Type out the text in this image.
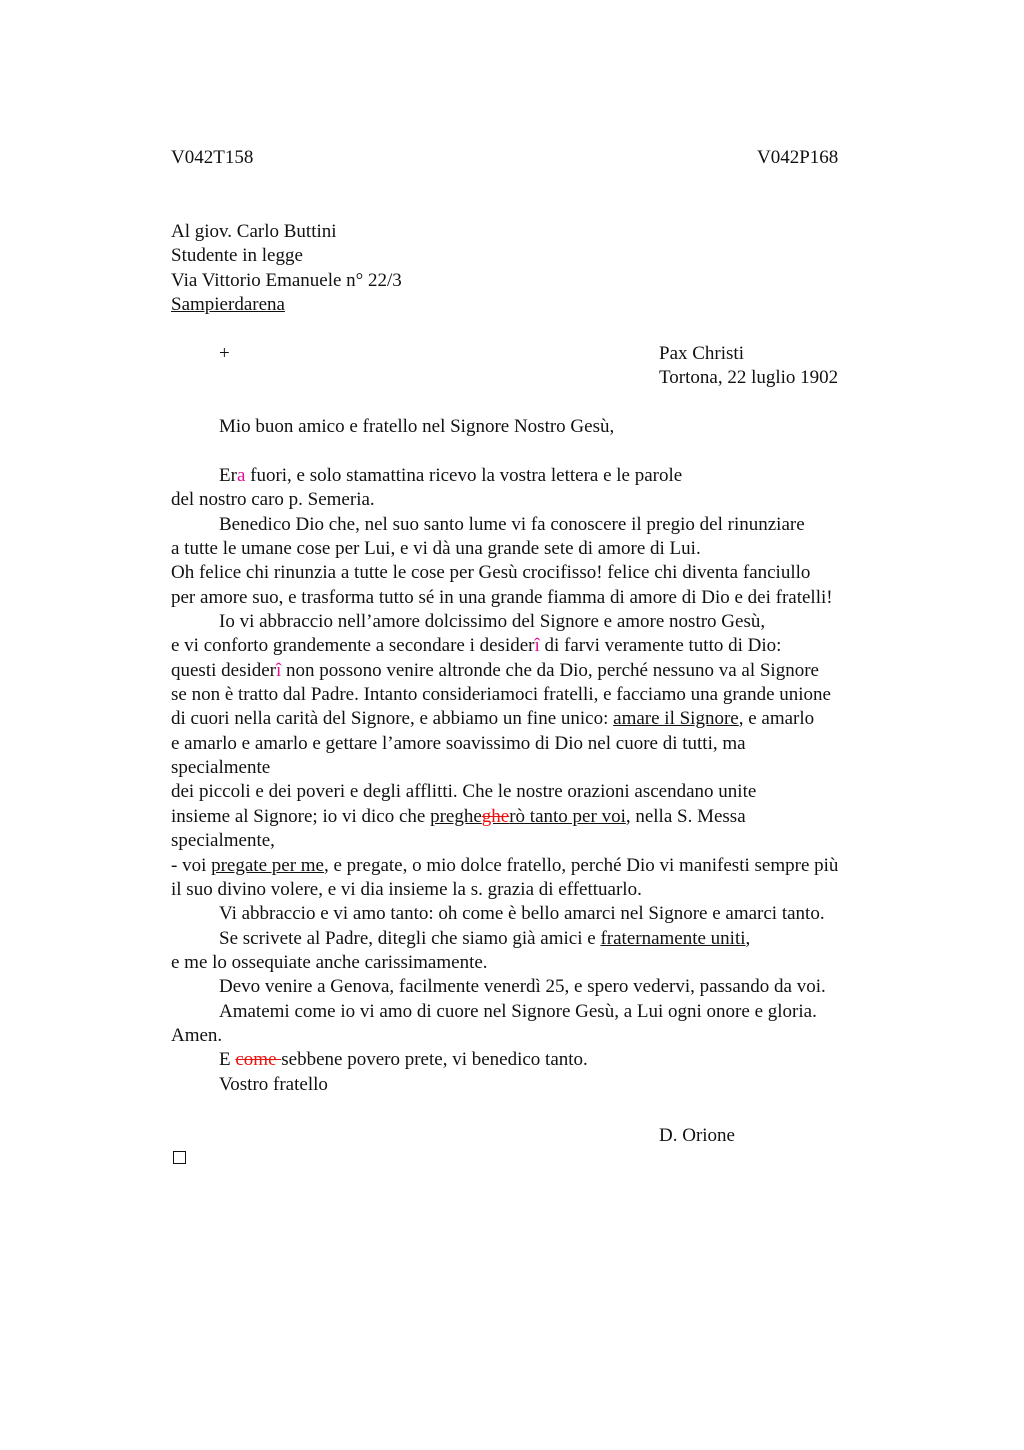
V042T158	V042P168
Al giov. Carlo Buttini
Studente in legge
Via Vittorio Emanuele n° 22/3
Sampierdarena
+	Pax Christi
Tortona, 22 luglio 1902
Mio buon amico e fratello nel Signore Nostro Gesù,
Era fuori, e solo stamattina ricevo la vostra lettera e le parole
del nostro caro p. Semeria.
Benedico Dio che, nel suo santo lume vi fa conoscere il pregio del rinunziare
a tutte le umane cose per Lui, e vi dà una grande sete di amore di Lui.
Oh felice chi rinunzia a tutte le cose per Gesù crocifisso! felice chi diventa fanciullo
per amore suo, e trasforma tutto sé in una grande fiamma di amore di Dio e dei fratelli!
Io vi abbraccio nell’amore dolcissimo del Signore e amore nostro Gesù,
e vi conforto grandemente a secondare i desiderî di farvi veramente tutto di Dio:
questi desiderî non possono venire altronde che da Dio, perché nessuno va al Signore
se non è tratto dal Padre. Intanto consideriamoci fratelli, e facciamo una grande unione
di cuori nella carità del Signore, e abbiamo un fine unico: amare il Signore, e amarlo
e amarlo e amarlo e gettare l’amore soavissimo di Dio nel cuore di tutti, ma
specialmente
dei piccoli e dei poveri e degli afflitti. Che le nostre orazioni ascendano unite
insieme al Signore; io vi dico che preghegherò tanto per voi, nella S. Messa
specialmente,
- voi pregate per me, e pregate, o mio dolce fratello, perché Dio vi manifesti sempre più
il suo divino volere, e vi dia insieme la s. grazia di effettuarlo.
Vi abbraccio e vi amo tanto: oh come è bello amarci nel Signore e amarci tanto.
Se scrivete al Padre, ditegli che siamo già amici e fraternamente uniti,
e me lo ossequiate anche carissimamente.
Devo venire a Genova, facilmente venerdì 25, e spero vedervi, passando da voi.
Amatemi come io vi amo di cuore nel Signore Gesù, a Lui ogni onore e gloria.
Amen.
E come sebbene povero prete, vi benedico tanto.
Vostro fratello
D. Orione
